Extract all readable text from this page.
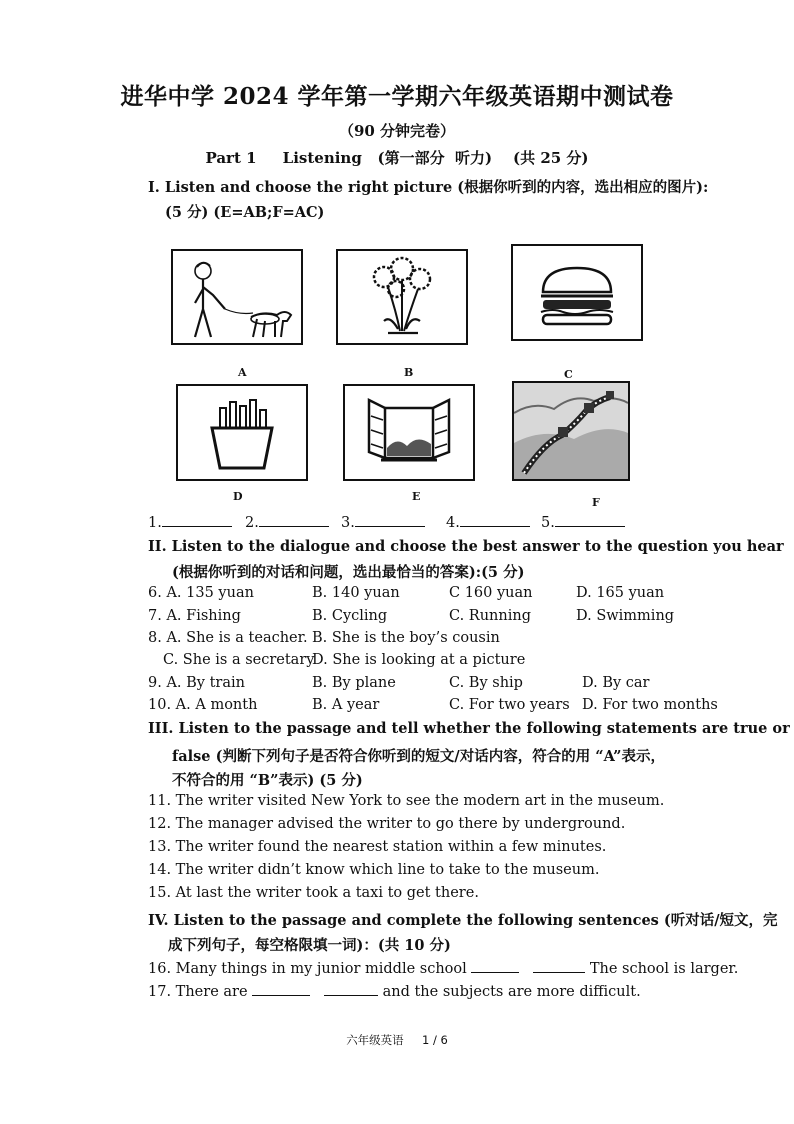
进华中学 2024 学年第一学期六年级英语期中测试卷
（90 分钟完卷）
Part 1     Listening   (第一部分  听力)    (共 25 分)
I. Listen and choose the right picture (根据你听到的内容，选出相应的图片):
(5 分) (E=AB;F=AC)
A	B	C
D	E	F
1.	2.	3.	4.	5.
II. Listen to the dialogue and choose the best answer to the question you hear
(根据你听到的对话和问题，选出最恰当的答案):(5 分)
6. A. 135 yuan	B. 140 yuan	C 160 yuan	D. 165 yuan
7. A. Fishing	B. Cycling	C. Running	D. Swimming
8. A. She is a teacher. B. She is the boy’s cousin
C. She is a secretary
D. She is looking at a picture
9. A. By train	B. By plane	C. By ship	D. By car
10. A. A month	B. A year	C. For two years D. For two months
III. Listen to the passage and tell whether the following statements are true or
false (判断下列句子是否符合你听到的短文/对话内容，符合的用 “A”表示，
不符合的用 “B”表示) (5 分)
11. The writer visited New York to see the modern art in the museum.
12. The manager advised the writer to go there by underground.
13. The writer found the nearest station within a few minutes.
14. The writer didn’t know which line to take to the museum.
15. At last the writer took a taxi to get there.
IV. Listen to the passage and complete the following sentences (听对话/短文，完
成下列句子，每空格限填一词)：(共 10 分)
16. Many things in my junior middle school	The school is larger.
17. There are	and the subjects are more difficult.
六年级英语 1 / 6
